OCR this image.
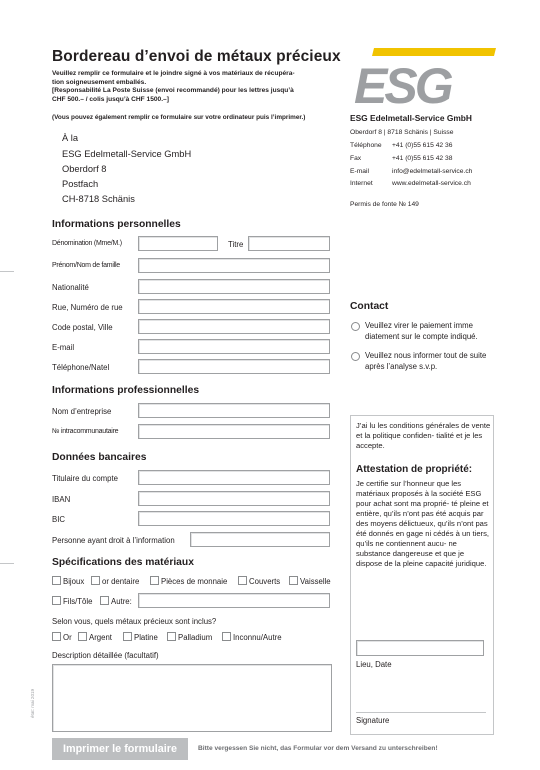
Bordereau d’envoi de métaux précieux
Veuillez remplir ce formulaire et le joindre signé à vos matériaux de récupéra-
tion soigneusement emballés.
[Responsabilité La Poste Suisse (envoi recommandé) pour les lettres jusqu’à
CHF 500.– / colis jusqu’à CHF 1500.–]
(Vous pouvez également remplir ce formulaire sur votre ordinateur puis l’imprimer.)
À la
ESG Edelmetall-Service GmbH
Oberdorf 8
Postfach
CH-8718 Schänis
ESG
ESG Edelmetall-Service GmbH
Oberdorf 8 | 8718 Schänis | Suisse
Téléphone +41 (0)55 615 42 36
Fax	+41 (0)55 615 42 38
E-mail	info@edelmetall-service.ch
Internet	www.edelmetall-service.ch
Permis de fonte № 149
Informations personnelles
Dénomination (Mme/M.)	Titre
Prénom/Nom de famille
Nationalité
Rue, Numéro de rue
Code postal, Ville
E-mail
Téléphone/Natel
Informations professionnelles
Nom d’entreprise
№ intracommunautaire
Données bancaires
Titulaire du compte
IBAN
BIC
Personne ayant droit à l’information
Spécifications des matériaux
Bijoux or dentaire	Pièces de monnaie	Couverts	Vaisselle
Fils/Tôle Autre:
Selon vous, quels métaux précieux sont inclus?
Or Argent	Platine	Palladium	Inconnu/Autre
Description détaillée (facultatif)
Contact
Veuillez virer le paiement imme diatement sur le compte indiqué.
Veuillez nous informer tout de suite après l’analyse s.v.p.
J’ai lu les conditions générales de vente et la politique confiden- tialité et je les accepte.
Attestation de propriété:
Je certifie sur l’honneur que les matériaux proposés à la société ESG pour achat sont ma proprié- té pleine et entière, qu’ils n’ont pas été acquis par des moyens délictueux, qu’ils n’ont pas été donnés en gage ni cédés à un tiers, qu’ils ne contiennent aucu- ne substance dangereuse et que je dispose de la pleine capacité juridique.
Lieu, Date
Signature
état: mai 2019
Imprimer le formulaire	Bitte vergessen Sie nicht, das Formular vor dem Versand zu unterschreiben!
